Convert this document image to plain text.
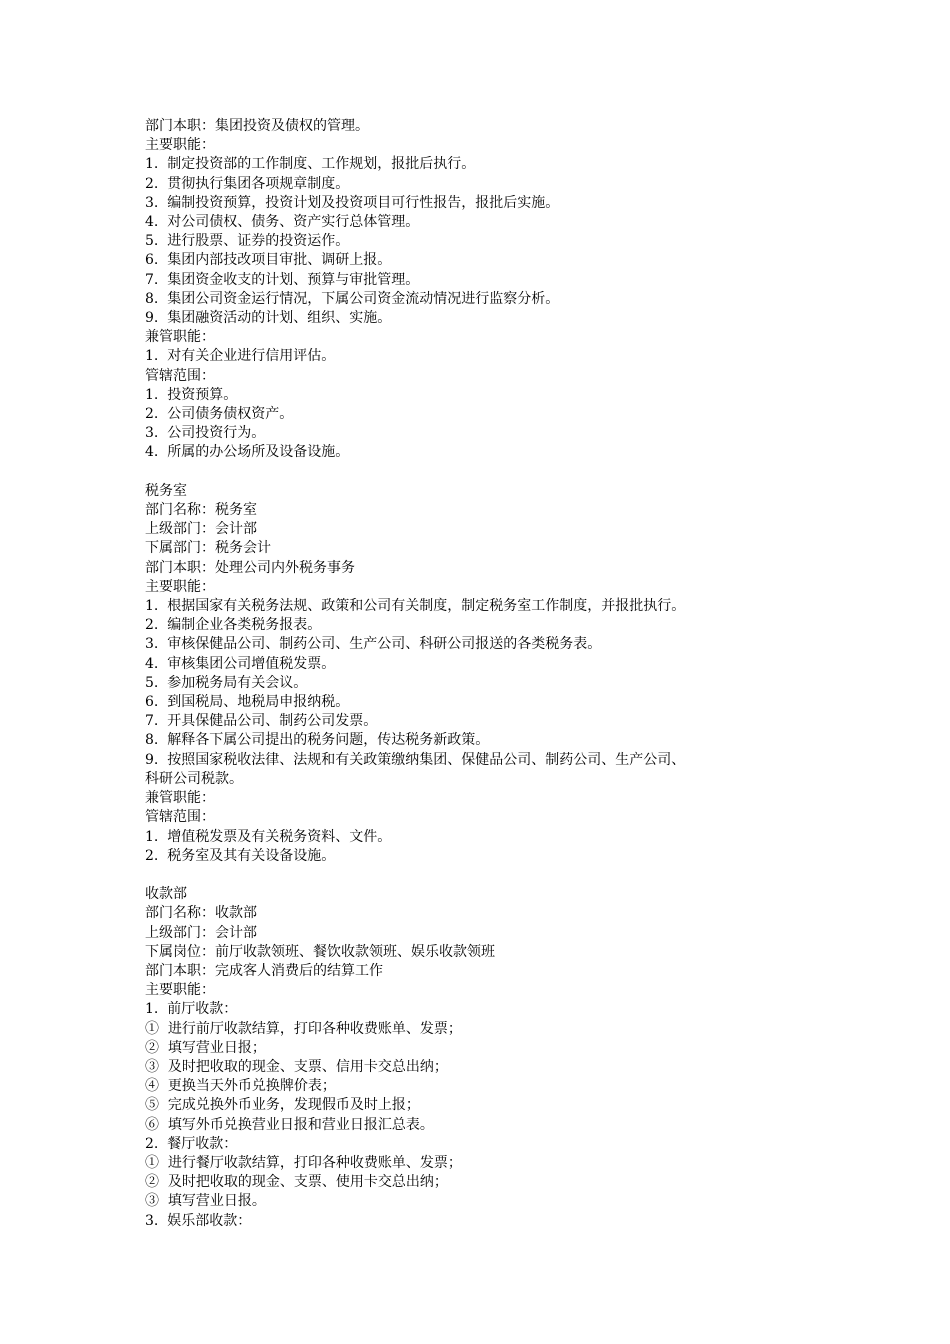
部门本职：集团投资及债权的管理。

主要职能：

1.  制定投资部的工作制度、工作规划，报批后执行。

2.  贯彻执行集团各项规章制度。

3.  编制投资预算，投资计划及投资项目可行性报告，报批后实施。

4.  对公司债权、债务、资产实行总体管理。

5.  进行股票、证券的投资运作。

6.  集团内部技改项目审批、调研上报。

7.  集团资金收支的计划、预算与审批管理。

8.  集团公司资金运行情况，下属公司资金流动情况进行监察分析。

9.  集团融资活动的计划、组织、实施。

兼管职能：

1.  对有关企业进行信用评估。

管辖范围：

1.  投资预算。

2.  公司债务债权资产。

3.  公司投资行为。

4.  所属的办公场所及设备设施。

税务室

部门名称：税务室

上级部门：会计部

下属部门：税务会计

部门本职：处理公司内外税务事务

主要职能：

1.  根据国家有关税务法规、政策和公司有关制度，制定税务室工作制度，并报批执行。

2.  编制企业各类税务报表。

3.  审核保健品公司、制药公司、生产公司、科研公司报送的各类税务表。

4.  审核集团公司增值税发票。

5.  参加税务局有关会议。

6.  到国税局、地税局申报纳税。

7.  开具保健品公司、制药公司发票。

8.  解释各下属公司提出的税务问题，传达税务新政策。

9.  按照国家税收法律、法规和有关政策缴纳集团、保健品公司、制药公司、生产公司、

科研公司税款。

兼管职能：

管辖范围：

1.  增值税发票及有关税务资料、文件。

2.  税务室及其有关设备设施。

收款部

部门名称：收款部

上级部门：会计部

下属岗位：前厅收款领班、餐饮收款领班、娱乐收款领班

部门本职：完成客人消费后的结算工作

主要职能：

1.  前厅收款：

①  进行前厅收款结算，打印各种收费账单、发票；

②  填写营业日报；

③  及时把收取的现金、支票、信用卡交总出纳；

④  更换当天外币兑换牌价表；

⑤  完成兑换外币业务，发现假币及时上报；

⑥  填写外币兑换营业日报和营业日报汇总表。

2.  餐厅收款：

①  进行餐厅收款结算，打印各种收费账单、发票；

②  及时把收取的现金、支票、使用卡交总出纳；

③  填写营业日报。

3.  娱乐部收款：
